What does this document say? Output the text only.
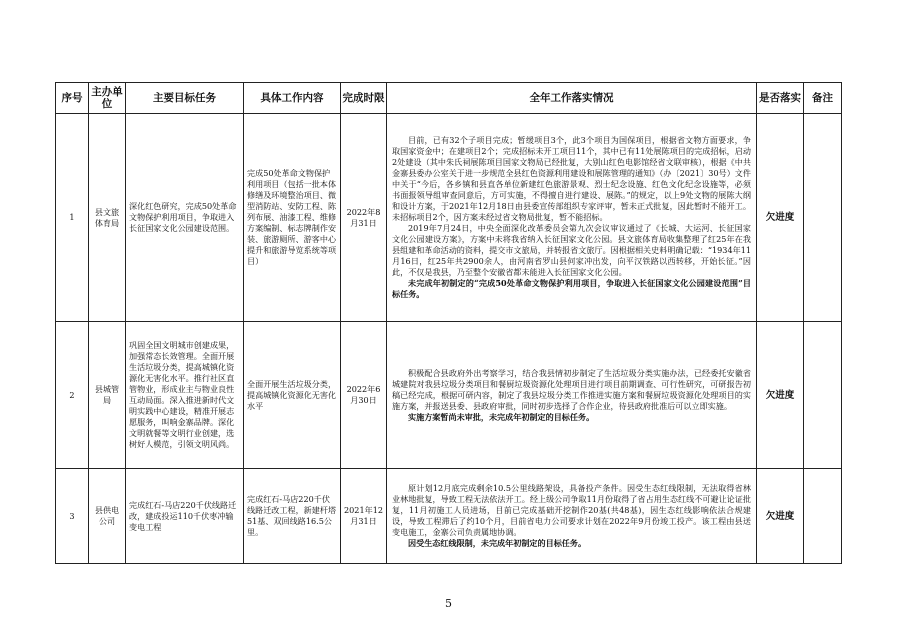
序号	主办单位	主要目标任务	具体工作内容	完成时限	全年工作落实情况	是否落实	备注
1	县文旅体育局	深化红色研究，完成50处革命文物保护利用项目，争取进入长征国家文化公园建设范围。	完成50处革命文物保护利用项目（包括一批本体修缮及环境整治项目、微型消防站、安防工程、陈列布展、油漆工程、维修方案编制、标志牌制作安装、旅游厕所、游客中心提升和旅游导览系统等项目）	2022年8月31日	目前，已有32个子项目完成；暂缓项目3个，此3个项目为国保项目，根据省文物方面要求，争取国家资金中；在建项目2个；完成招标未开工项目11个，其中已有11处展陈项目的完成招标，启动2处建设（其中朱氏祠展陈项目国家文物局已经批复，大别山红色电影馆经省文联审核），根据《中共金寨县委办公室关于进一步规范全县红色资源利用建设和展陈管理的通知》（办〔2021〕30号）文件中关于“今后，各乡镇和县直各单位新建红色旅游景观、烈士纪念设施、红色文化纪念设施等，必须书面报领导组审查同意后，方可实施，不得擅自进行建设、展陈。”的规定，以上9处文物的展陈大纲和设计方案，于2021年12月18日由县委宣传部组织专家评审，暂未正式批复，因此暂时不能开工。未招标项目2个，因方案未经过省文物局批复，暂不能招标。

2019年7月24日，中央全面深化改革委员会第九次会议审议通过了《长城、大运河、长征国家文化公园建设方案》，方案中未将我省纳入长征国家文化公园。县文旅体育局收集整理了红25年在我县组建和革命活动的资料，提交市文旅局，并转报省文旅厅。因根据相关史料明确记载：“1934年11月16日，红25年共2900余人，由河南省罗山县何家冲出发，向平汉铁路以西转移，开始长征。”因此，不仅是我县，乃至整个安徽省都未能进入长征国家文化公园。

未完成年初制定的“完成50处革命文物保护利用项目，争取进入长征国家文化公园建设范围”目标任务。	欠进度	
2	县城管局	巩固全国文明城市创建成果，加强常态长效管理。全面开展生活垃圾分类，提高城镇化资源化无害化水平。推行社区直管物业，形成业主与物业良性互动局面。深入推进新时代文明实践中心建设，精准开展志愿服务，叫响金寨品牌。深化文明就餐等文明行业创建，选树好人模范，引领文明风尚。	全面开展生活垃圾分类，提高城镇化资源化无害化水平	2022年6月30日	积极配合县政府外出考察学习，结合我县情初步制定了生活垃圾分类实施办法，已经委托安徽省城建院对我县垃圾分类项目和餐厨垃圾资源化处理项目进行项目前期调查、可行性研究，可研报告初稿已经完成，根据可研内容，制定了我县垃圾分类工作推进实施方案和餐厨垃圾资源化处理项目的实施方案，并报送县委、县政府审批，同时初步选择了合作企业，待县政府批准后可以立即实施。

实施方案暂尚未审批，未完成年初制定的目标任务。	欠进度	
3	县供电公司	完成红石-马店220千伏线路迁改，建成投运110千伏枣冲输变电工程	完成红石-马店220千伏线路迁改工程，新建杆塔51基、双回线路16.5公里。	2021年12月31日	原计划12月底完成剩余10.5公里线路架设，具备投产条件。因受生态红线限制，无法取得省林业林地批复，导致工程无法依法开工。经上级公司争取11月份取得了省占用生态红线不可避让论证批复，11月初施工人员进场，目前已完成基础开挖制作20基(共48基)，因生态红线影响依法合规建设，导致工程滞后了约10个月，目前省电力公司要求计划在2022年9月份竣工投产。该工程由县送变电施工，金寨公司负责属地协调。

因受生态红线限制，未完成年初制定的目标任务。	欠进度	
5
